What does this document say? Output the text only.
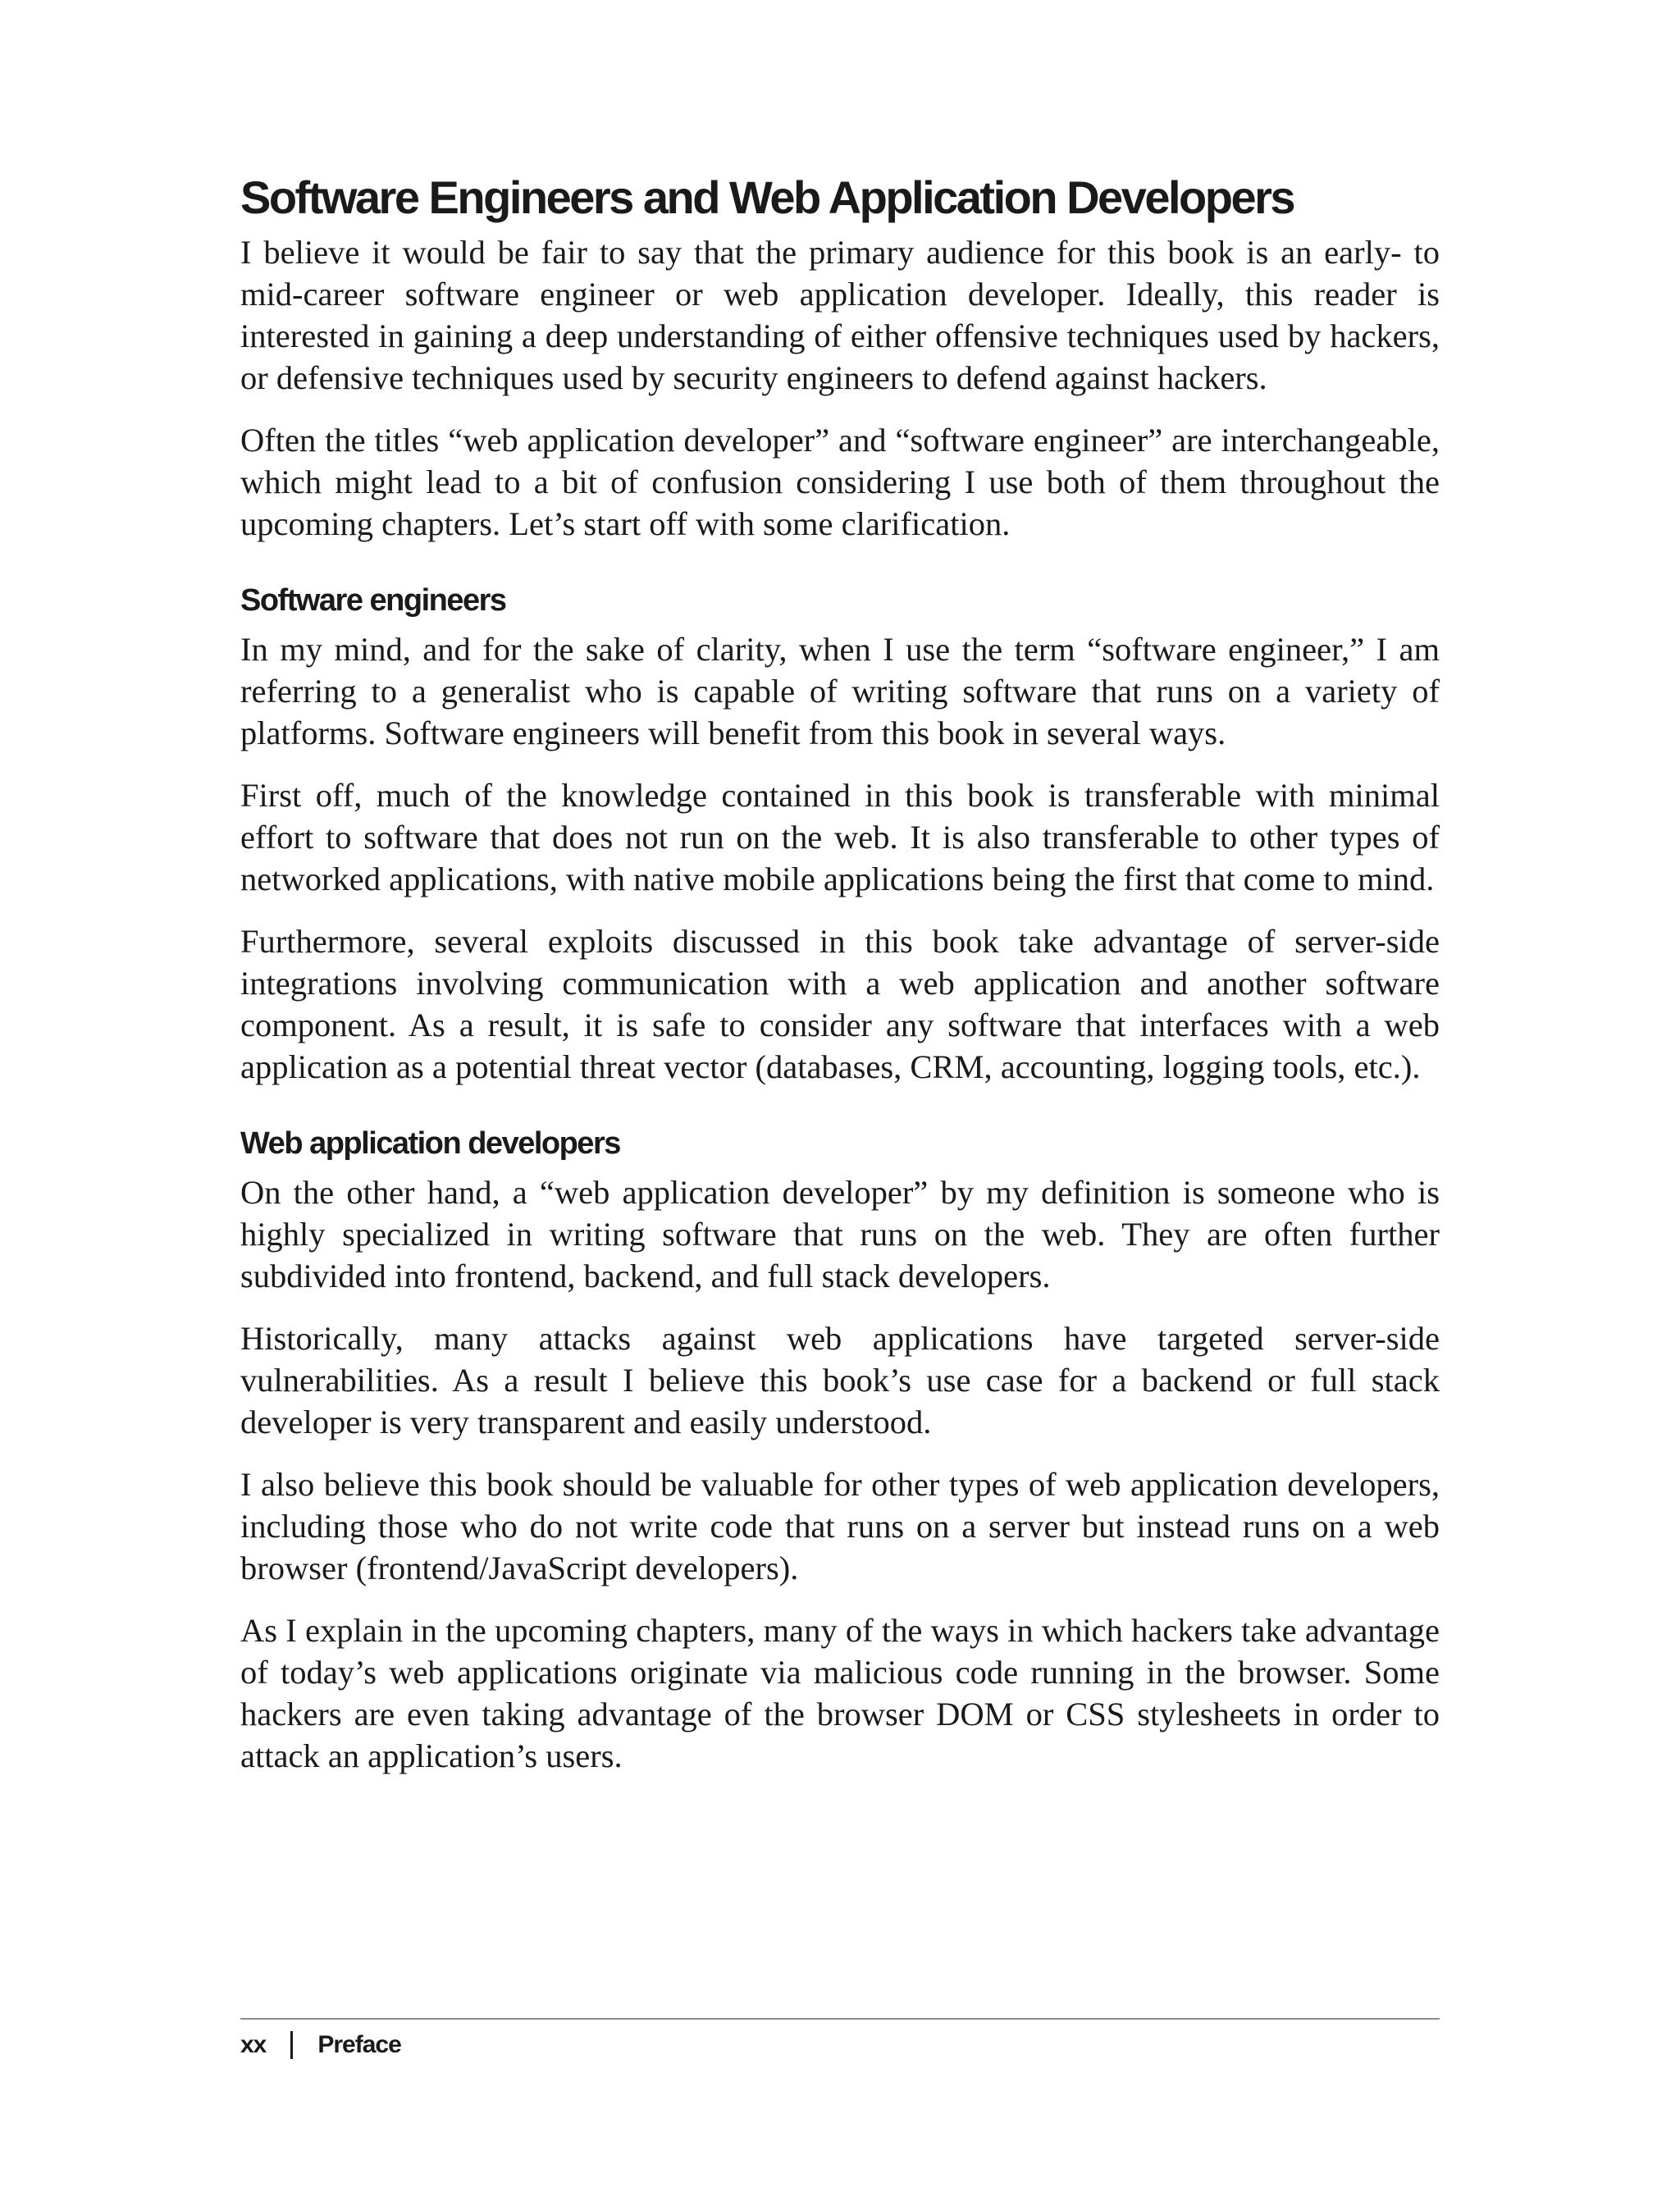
Software Engineers and Web Application Developers

I believe it would be fair to say that the primary audience for this book is an early- to mid-career software engineer or web application developer. Ideally, this reader is interested in gaining a deep understanding of either offensive techniques used by hackers, or defensive techniques used by security engineers to defend against hackers.

Often the titles “web application developer” and “software engineer” are interchangeable, which might lead to a bit of confusion considering I use both of them throughout the upcoming chapters. Let’s start off with some clarification.

Software engineers

In my mind, and for the sake of clarity, when I use the term “software engineer,” I am referring to a generalist who is capable of writing software that runs on a variety of platforms. Software engineers will benefit from this book in several ways.

First off, much of the knowledge contained in this book is transferable with minimal effort to software that does not run on the web. It is also transferable to other types of networked applications, with native mobile applications being the first that come to mind.

Furthermore, several exploits discussed in this book take advantage of server-side integrations involving communication with a web application and another software component. As a result, it is safe to consider any software that interfaces with a web application as a potential threat vector (databases, CRM, accounting, logging tools, etc.).

Web application developers

On the other hand, a “web application developer” by my definition is someone who is highly specialized in writing software that runs on the web. They are often further subdivided into frontend, backend, and full stack developers.

Historically, many attacks against web applications have targeted server-side vulnerabilities. As a result I believe this book’s use case for a backend or full stack developer is very transparent and easily understood.

I also believe this book should be valuable for other types of web application developers, including those who do not write code that runs on a server but instead runs on a web browser (frontend/JavaScript developers).

As I explain in the upcoming chapters, many of the ways in which hackers take advantage of today’s web applications originate via malicious code running in the browser. Some hackers are even taking advantage of the browser DOM or CSS stylesheets in order to attack an application’s users.

xx Preface
